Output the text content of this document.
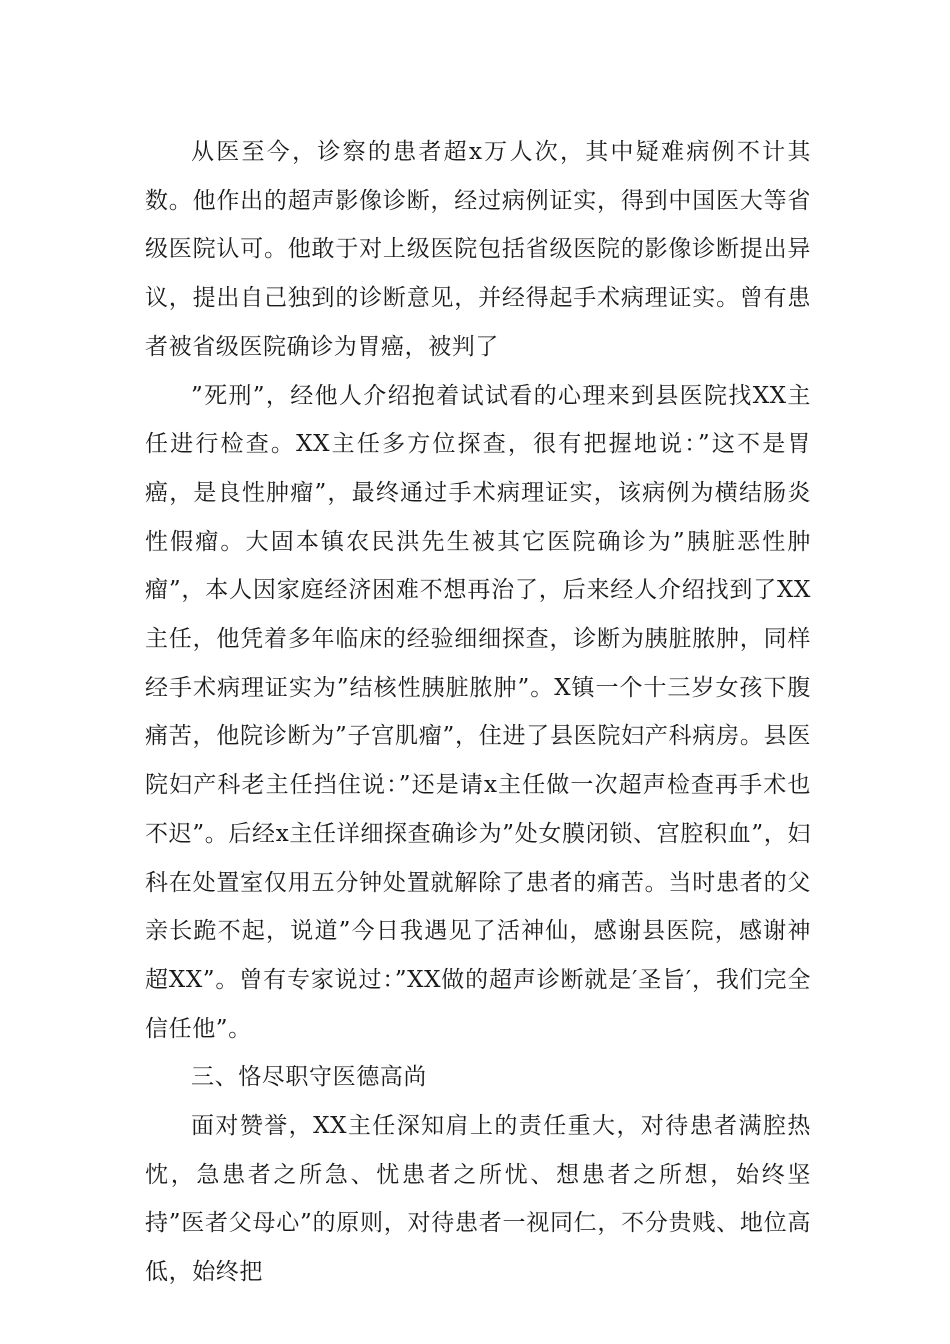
从医至今，诊察的患者超x万人次，其中疑难病例不计其数。他作出的超声影像诊断，经过病例证实，得到中国医大等省级医院认可。他敢于对上级医院包括省级医院的影像诊断提出异议，提出自己独到的诊断意见，并经得起手术病理证实。曾有患者被省级医院确诊为胃癌，被判了

”死刑”，经他人介绍抱着试试看的心理来到县医院找XX主任进行检查。XX主任多方位探查，很有把握地说：”这不是胃癌，是良性肿瘤”，最终通过手术病理证实，该病例为横结肠炎性假瘤。大固本镇农民洪先生被其它医院确诊为”胰脏恶性肿瘤”，本人因家庭经济困难不想再治了，后来经人介绍找到了XX主任，他凭着多年临床的经验细细探查，诊断为胰脏脓肿，同样经手术病理证实为”结核性胰脏脓肿”。X镇一个十三岁女孩下腹痛苦，他院诊断为”子宫肌瘤”，住进了县医院妇产科病房。县医院妇产科老主任挡住说：”还是请x主任做一次超声检查再手术也不迟”。后经x主任详细探查确诊为”处女膜闭锁、宫腔积血”，妇科在处置室仅用五分钟处置就解除了患者的痛苦。当时患者的父亲长跪不起，说道”今日我遇见了活神仙，感谢县医院，感谢神超XX”。曾有专家说过：”XX做的超声诊断就是′圣旨′，我们完全信任他”。

三、恪尽职守医德高尚

面对赞誉，XX主任深知肩上的责任重大，对待患者满腔热忱，急患者之所急、忧患者之所忧、想患者之所想，始终坚持”医者父母心”的原则，对待患者一视同仁，不分贵贱、地位高低，始终把
